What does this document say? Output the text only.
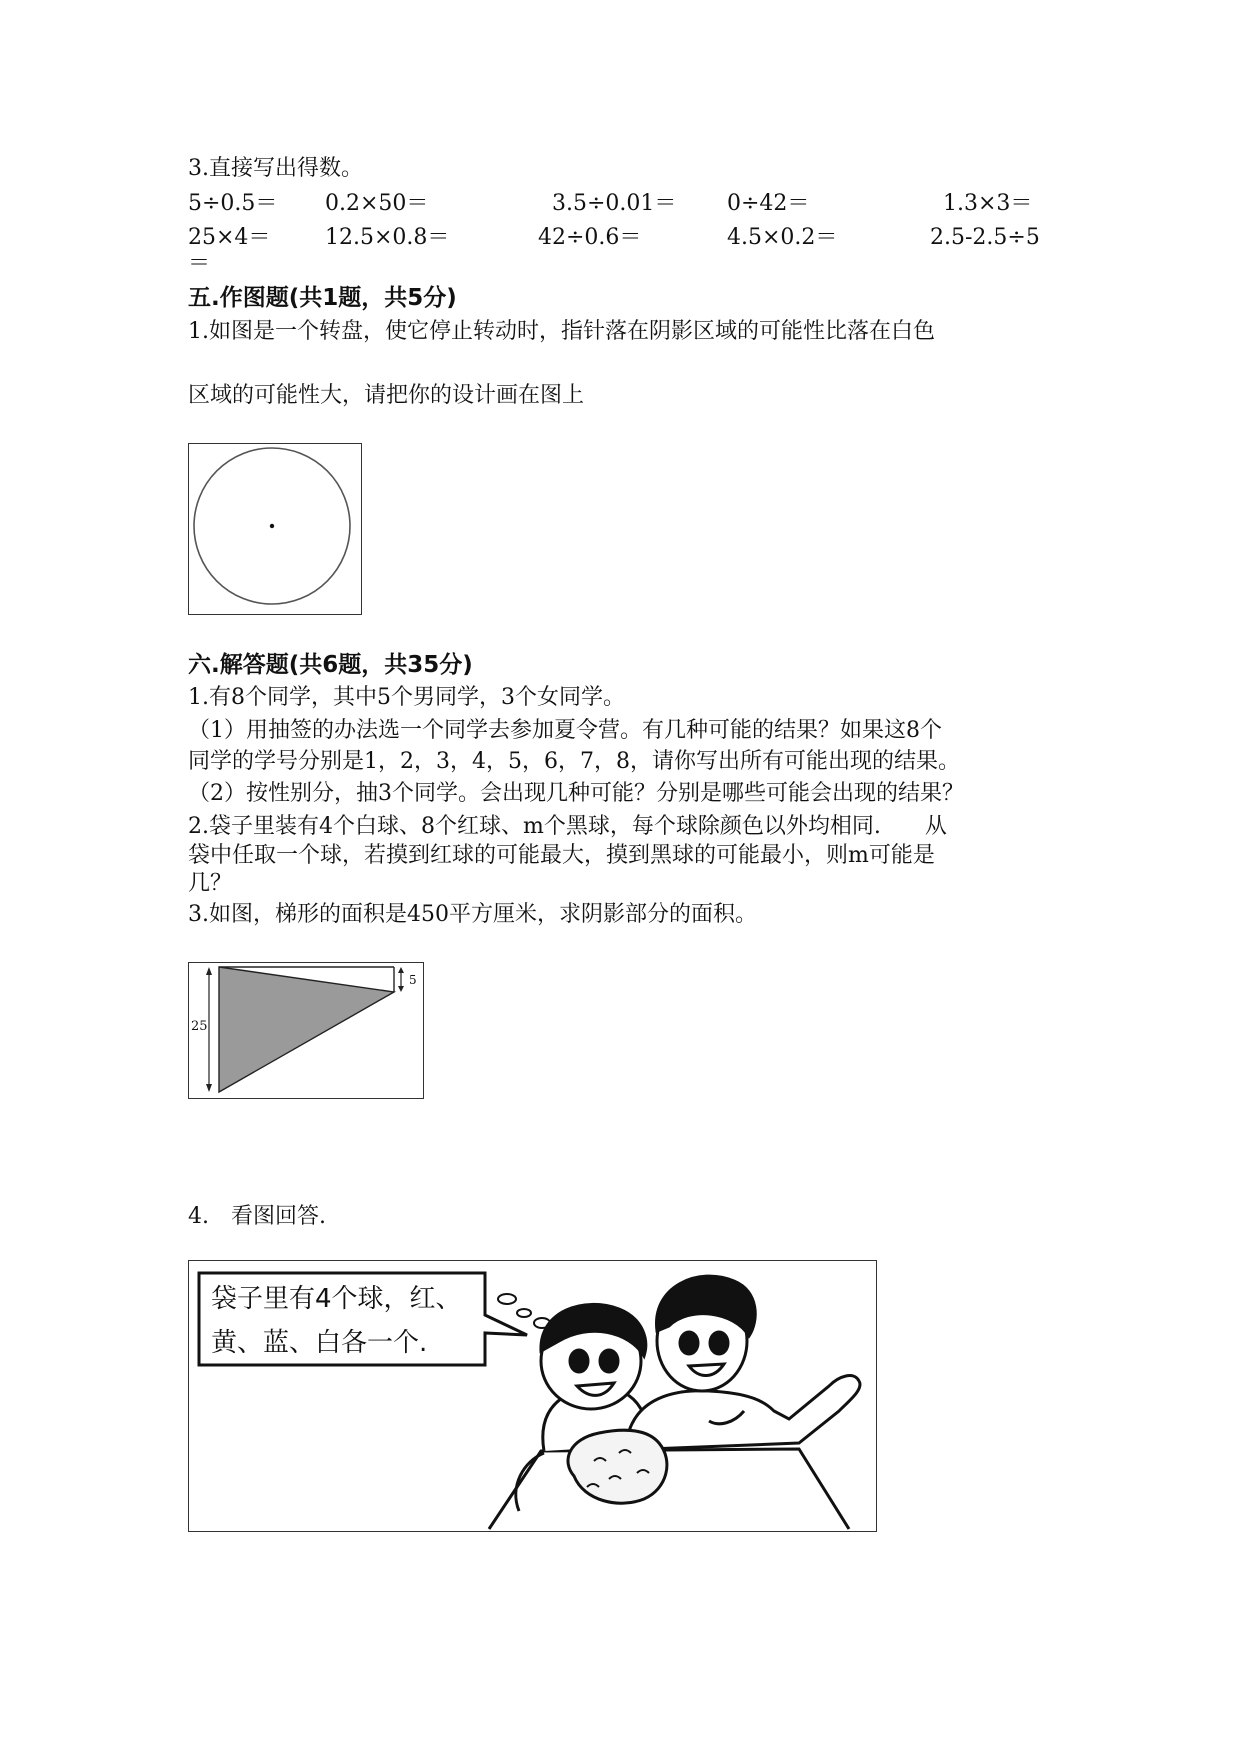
3.直接写出得数。
5÷0.5＝ 0.2×50＝	3.5÷0.01＝ 0÷42＝	1.3×3＝
25×4＝ 12.5×0.8＝	42÷0.6＝	4.5×0.2＝	2.5-2.5÷5
＝
五.作图题(共1题，共5分)
1.如图是一个转盘，使它停止转动时，指针落在阴影区域的可能性比落在白色
区域的可能性大，请把你的设计画在图上
六.解答题(共6题，共35分)
1.有8个同学，其中5个男同学，3个女同学。
（1）用抽签的办法选一个同学去参加夏令营。有几种可能的结果？如果这8个
同学的学号分别是1，2，3，4，5，6，7，8，请你写出所有可能出现的结果。
（2）按性别分，抽3个同学。会出现几种可能？分别是哪些可能会出现的结果？
2.袋子里装有4个白球、8个红球、m个黑球，每个球除颜色以外均相同.　　从
袋中任取一个球，若摸到红球的可能最大，摸到黑球的可能最小，则m可能是
几？
3.如图，梯形的面积是450平方厘米，求阴影部分的面积。
25
5
4.　看图回答.
袋子里有4个球，红、
黄、蓝、白各一个.
